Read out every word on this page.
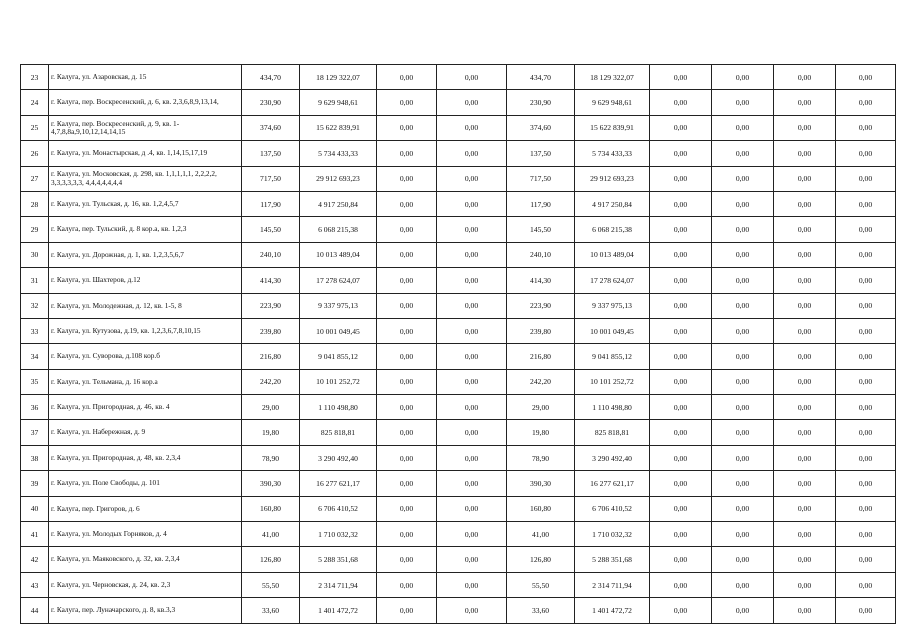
23	г. Калуга, ул. Азаровская, д. 15	434,70	18 129 322,07	0,00	0,00	434,70	18 129 322,07	0,00	0,00	0,00	0,00
24	г. Калуга, пер. Воскресенский, д. 6, кв. 2,3,6,8,9,13,14,	230,90	9 629 948,61	0,00	0,00	230,90	9 629 948,61	0,00	0,00	0,00	0,00
25	г. Калуга, пер. Воскресенский, д. 9, кв. 1-4,7,8,8а,9,10,12,14,14,15	374,60	15 622 839,91	0,00	0,00	374,60	15 622 839,91	0,00	0,00	0,00	0,00
26	г. Калуга, ул. Монастырская, д .4, кв. 1,14,15,17,19	137,50	5 734 433,33	0,00	0,00	137,50	5 734 433,33	0,00	0,00	0,00	0,00
27	г. Калуга, ул. Московская, д. 298, кв. 1,1,1,1,1, 2,2,2,2, 3,3,3,3,3,3, 4,4,4,4,4,4,4	717,50	29 912 693,23	0,00	0,00	717,50	29 912 693,23	0,00	0,00	0,00	0,00
28	г. Калуга, ул. Тульская, д. 16, кв. 1,2,4,5,7	117,90	4 917 250,84	0,00	0,00	117,90	4 917 250,84	0,00	0,00	0,00	0,00
29	г. Калуга, пер. Тульский, д. 8 кор.а, кв. 1,2,3	145,50	6 068 215,38	0,00	0,00	145,50	6 068 215,38	0,00	0,00	0,00	0,00
30	г. Калуга, ул. Дорожная, д. 1, кв. 1,2,3,5,6,7	240,10	10 013 489,04	0,00	0,00	240,10	10 013 489,04	0,00	0,00	0,00	0,00
31	г. Калуга, ул. Шахтеров, д.12	414,30	17 278 624,07	0,00	0,00	414,30	17 278 624,07	0,00	0,00	0,00	0,00
32	г. Калуга, ул. Молодежная, д. 12, кв. 1-5, 8	223,90	9 337 975,13	0,00	0,00	223,90	9 337 975,13	0,00	0,00	0,00	0,00
33	г. Калуга, ул. Кутузова, д.19, кв. 1,2,3,6,7,8,10,15	239,80	10 001 049,45	0,00	0,00	239,80	10 001 049,45	0,00	0,00	0,00	0,00
34	г. Калуга, ул. Суворова, д.108 кор.б	216,80	9 041 855,12	0,00	0,00	216,80	9 041 855,12	0,00	0,00	0,00	0,00
35	г. Калуга, ул. Тельмана, д. 16 кор.а	242,20	10 101 252,72	0,00	0,00	242,20	10 101 252,72	0,00	0,00	0,00	0,00
36	г. Калуга, ул. Пригородная, д. 46, кв. 4	29,00	1 110 498,80	0,00	0,00	29,00	1 110 498,80	0,00	0,00	0,00	0,00
37	г. Калуга, ул. Набережная, д. 9	19,80	825 818,81	0,00	0,00	19,80	825 818,81	0,00	0,00	0,00	0,00
38	г. Калуга, ул. Пригородная, д. 48, кв. 2,3,4	78,90	3 290 492,40	0,00	0,00	78,90	3 290 492,40	0,00	0,00	0,00	0,00
39	г. Калуга, ул. Поле Свободы, д. 101	390,30	16 277 621,17	0,00	0,00	390,30	16 277 621,17	0,00	0,00	0,00	0,00
40	г. Калуга, пер. Григоров, д. 6	160,80	6 706 410,52	0,00	0,00	160,80	6 706 410,52	0,00	0,00	0,00	0,00
41	г. Калуга, ул. Молодых Горняков, д. 4	41,00	1 710 032,32	0,00	0,00	41,00	1 710 032,32	0,00	0,00	0,00	0,00
42	г. Калуга, ул. Маяковского, д. 32, кв. 2,3,4	126,80	5 288 351,68	0,00	0,00	126,80	5 288 351,68	0,00	0,00	0,00	0,00
43	г. Калуга, ул. Черновская, д. 24, кв. 2,3	55,50	2 314 711,94	0,00	0,00	55,50	2 314 711,94	0,00	0,00	0,00	0,00
44	г. Калуга, пер. Луначарского, д. 8, кв.3,3	33,60	1 401 472,72	0,00	0,00	33,60	1 401 472,72	0,00	0,00	0,00	0,00
